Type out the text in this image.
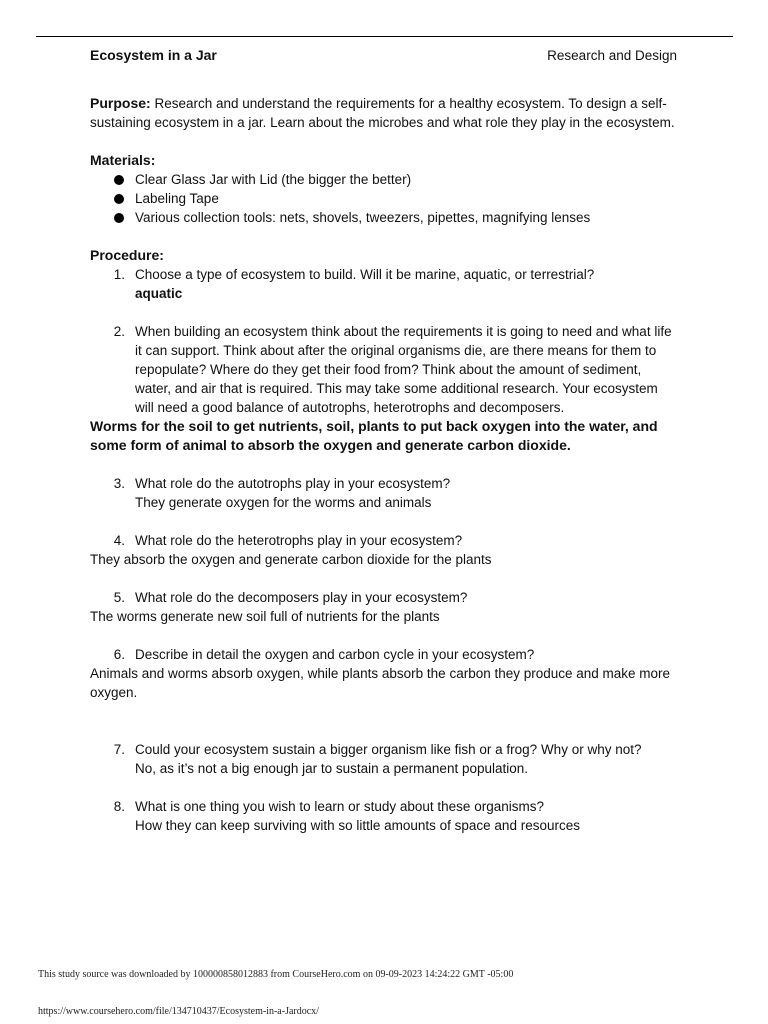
Ecosystem in a Jar	Research and Design

Purpose: Research and understand the requirements for a healthy ecosystem. To design a self-sustaining ecosystem in a jar. Learn about the microbes and what role they play in the ecosystem.

Materials:
Clear Glass Jar with Lid (the bigger the better)
Labeling Tape
Various collection tools: nets, shovels, tweezers, pipettes, magnifying lenses
Procedure:
1. Choose a type of ecosystem to build. Will it be marine, aquatic, or terrestrial?
aquatic
2. When building an ecosystem think about the requirements it is going to need and what life it can support. Think about after the original organisms die, are there means for them to repopulate? Where do they get their food from? Think about the amount of sediment, water, and air that is required. This may take some additional research. Your ecosystem will need a good balance of autotrophs, heterotrophs and decomposers.
Worms for the soil to get nutrients, soil, plants to put back oxygen into the water, and some form of animal to absorb the oxygen and generate carbon dioxide.
3. What role do the autotrophs play in your ecosystem?
They generate oxygen for the worms and animals
4. What role do the heterotrophs play in your ecosystem?
They absorb the oxygen and generate carbon dioxide for the plants
5. What role do the decomposers play in your ecosystem?
The worms generate new soil full of nutrients for the plants
6. Describe in detail the oxygen and carbon cycle in your ecosystem?
Animals and worms absorb oxygen, while plants absorb the carbon they produce and make more oxygen.
7. Could your ecosystem sustain a bigger organism like fish or a frog? Why or why not?
No, as it’s not a big enough jar to sustain a permanent population.
8. What is one thing you wish to learn or study about these organisms?
How they can keep surviving with so little amounts of space and resources
This study source was downloaded by 100000858012883 from CourseHero.com on 09-09-2023 14:24:22 GMT -05:00
https://www.coursehero.com/file/134710437/Ecosystem-in-a-Jardocx/
